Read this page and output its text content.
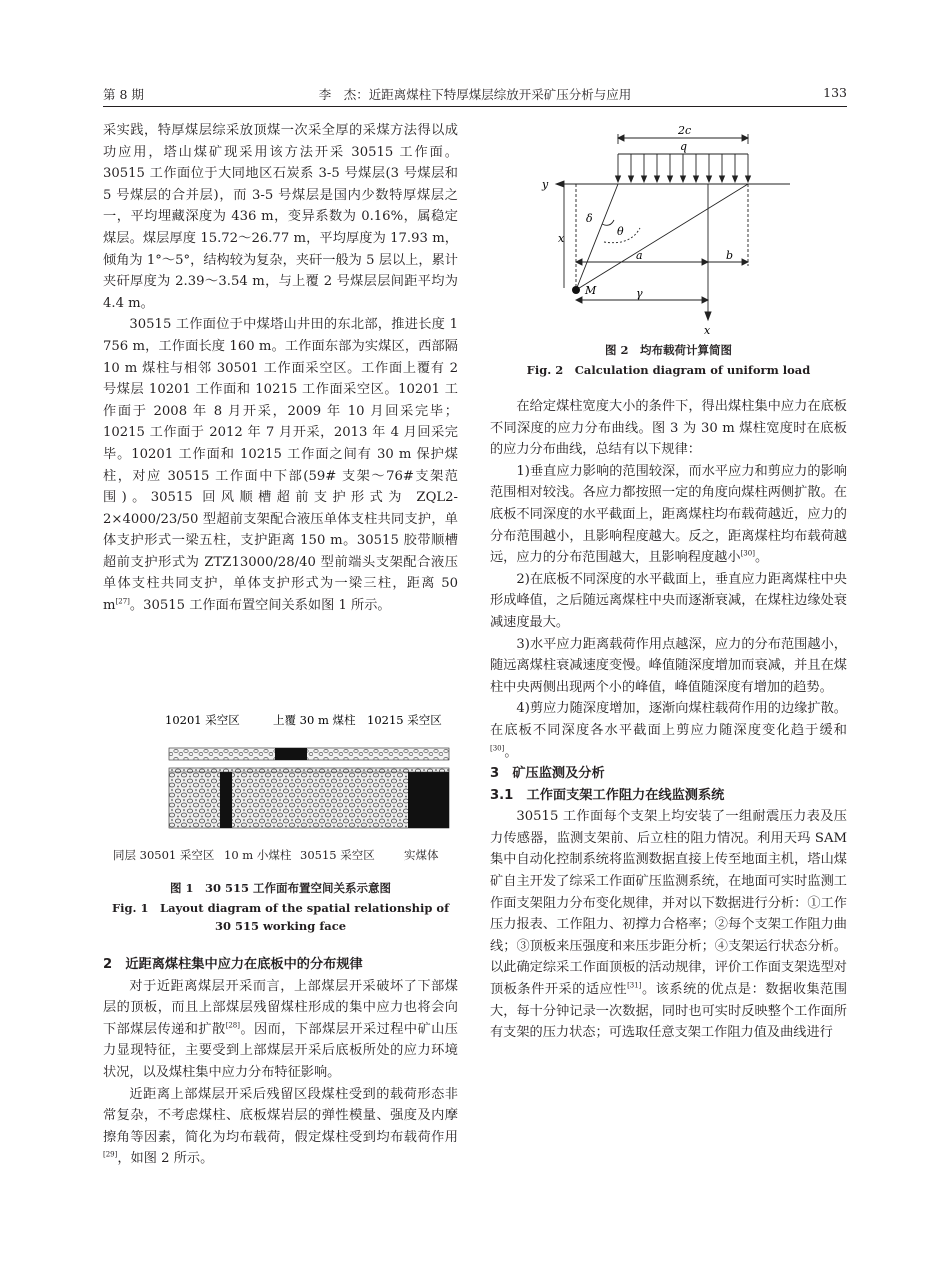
第 8 期	李　杰：近距离煤柱下特厚煤层综放开采矿压分析与应用	133

采实践，特厚煤层综采放顶煤一次采全厚的采煤方法得以成功应用，塔山煤矿现采用该方法开采 30515 工作面。30515 工作面位于大同地区石炭系 3-5 号煤层(3 号煤层和 5 号煤层的合并层)，而 3-5 号煤层是国内少数特厚煤层之一，平均埋藏深度为 436 m，变异系数为 0.16%，属稳定煤层。煤层厚度 15.72～26.77 m，平均厚度为 17.93 m，倾角为 1°～5°，结构较为复杂，夹矸一般为 5 层以上，累计夹矸厚度为 2.39～3.54 m，与上覆 2 号煤层层间距平均为 4.4 m。

30515 工作面位于中煤塔山井田的东北部，推进长度 1 756 m，工作面长度 160 m。工作面东部为实煤区，西部隔 10 m 煤柱与相邻 30501 工作面采空区。工作面上覆有 2 号煤层 10201 工作面和 10215 工作面采空区。10201 工作面于 2008 年 8 月开采，2009 年 10 月回采完毕；10215 工作面于 2012 年 7 月开采，2013 年 4 月回采完毕。10201 工作面和 10215 工作面之间有 30 m 保护煤柱，对应 30515 工作面中下部(59# 支架～76#支架范围)。30515 回风顺槽超前支护形式为 ZQL2-2×4000/23/50 型超前支架配合液压单体支柱共同支护，单体支护形式一梁五柱，支护距离 150 m。30515 胶带顺槽超前支护形式为 ZTZ13000/28/40 型前端头支架配合液压单体支柱共同支护，单体支护形式为一梁三柱，距离 50 m[27]。30515 工作面布置空间关系如图 1 所示。

10201 采空区	上覆 30 m 煤柱 10215 采空区
同层 30501 采空区 10 m 小煤柱 30515 采空区	实煤体
图 1　30 515 工作面布置空间关系示意图
Fig. 1　Layout diagram of the spatial relationship of
30 515 working face

2　近距离煤柱集中应力在底板中的分布规律

对于近距离煤层开采而言，上部煤层开采破坏了下部煤层的顶板，而且上部煤层残留煤柱形成的集中应力也将会向下部煤层传递和扩散[28]。因而，下部煤层开采过程中矿山压力显现特征，主要受到上部煤层开采后底板所处的应力环境状况，以及煤柱集中应力分布特征影响。

近距离上部煤层开采后残留区段煤柱受到的载荷形态非常复杂，不考虑煤柱、底板煤岩层的弹性模量、强度及内摩擦角等因素，简化为均布载荷，假定煤柱受到均布载荷作用[29]，如图 2 所示。

2c
q
y
δ
θ
x
a	b
M	γ
x
图 2　均布载荷计算简图
Fig. 2　Calculation diagram of uniform load

在给定煤柱宽度大小的条件下，得出煤柱集中应力在底板不同深度的应力分布曲线。图 3 为 30 m 煤柱宽度时在底板的应力分布曲线，总结有以下规律：

1)垂直应力影响的范围较深，而水平应力和剪应力的影响范围相对较浅。各应力都按照一定的角度向煤柱两侧扩散。在底板不同深度的水平截面上，距离煤柱均布载荷越近，应力的分布范围越小，且影响程度越大。反之，距离煤柱均布载荷越远，应力的分布范围越大，且影响程度越小[30]。

2)在底板不同深度的水平截面上，垂直应力距离煤柱中央形成峰值，之后随远离煤柱中央而逐渐衰减，在煤柱边缘处衰减速度最大。

3)水平应力距离载荷作用点越深，应力的分布范围越小，随远离煤柱衰减速度变慢。峰值随深度增加而衰减，并且在煤柱中央两侧出现两个小的峰值，峰值随深度有增加的趋势。

4)剪应力随深度增加，逐渐向煤柱载荷作用的边缘扩散。在底板不同深度各水平截面上剪应力随深度变化趋于缓和[30]。

3　矿压监测及分析

3.1　工作面支架工作阻力在线监测系统

30515 工作面每个支架上均安装了一组耐震压力表及压力传感器，监测支架前、后立柱的阻力情况。利用天玛 SAM 集中自动化控制系统将监测数据直接上传至地面主机，塔山煤矿自主开发了综采工作面矿压监测系统，在地面可实时监测工作面支架阻力分布变化规律，并对以下数据进行分析：①工作压力报表、工作阻力、初撑力合格率；②每个支架工作阻力曲线；③顶板来压强度和来压步距分析；④支架运行状态分析。以此确定综采工作面顶板的活动规律，评价工作面支架选型对顶板条件开采的适应性[31]。该系统的优点是：数据收集范围大，每十分钟记录一次数据，同时也可实时反映整个工作面所有支架的压力状态；可选取任意支架工作阻力值及曲线进行
